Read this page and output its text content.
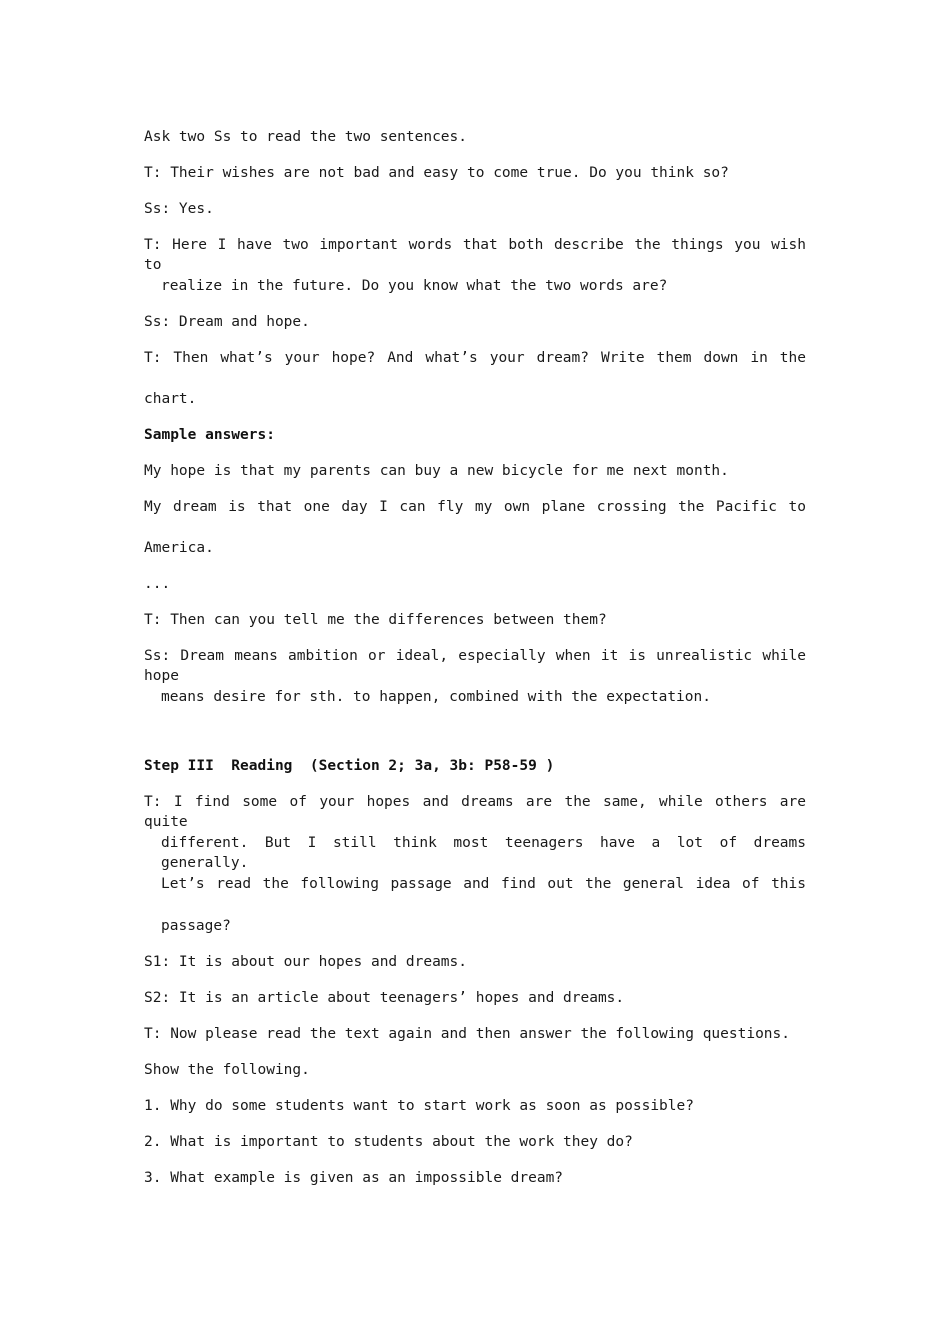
Ask two Ss to read the two sentences.
T: Their wishes are not bad and easy to come true. Do you think so?
Ss: Yes.
T: Here I have two important words that both describe the things you wish to
realize in the future. Do you know what the two words are?
Ss: Dream and hope.
T: Then what’s your hope? And what’s your dream? Write them down in the
chart.
Sample answers:
My hope is that my parents can buy a new bicycle for me next month.
My dream is that one day I can fly my own plane crossing the Pacific to
America.
...
T: Then can you tell me the differences between them?
Ss: Dream means ambition or ideal, especially when it is unrealistic while hope
means desire for sth. to happen, combined with the expectation.
Step III  Reading  (Section 2; 3a, 3b: P58-59 )
T: I find some of your hopes and dreams are the same, while others are quite
different. But I still think most teenagers have a lot of dreams generally.
Let’s read the following passage and find out the general idea of this
passage?
S1: It is about our hopes and dreams.
S2: It is an article about teenagers’ hopes and dreams.
T: Now please read the text again and then answer the following questions.
Show the following.
1. Why do some students want to start work as soon as possible?
2. What is important to students about the work they do?
3. What example is given as an impossible dream?
